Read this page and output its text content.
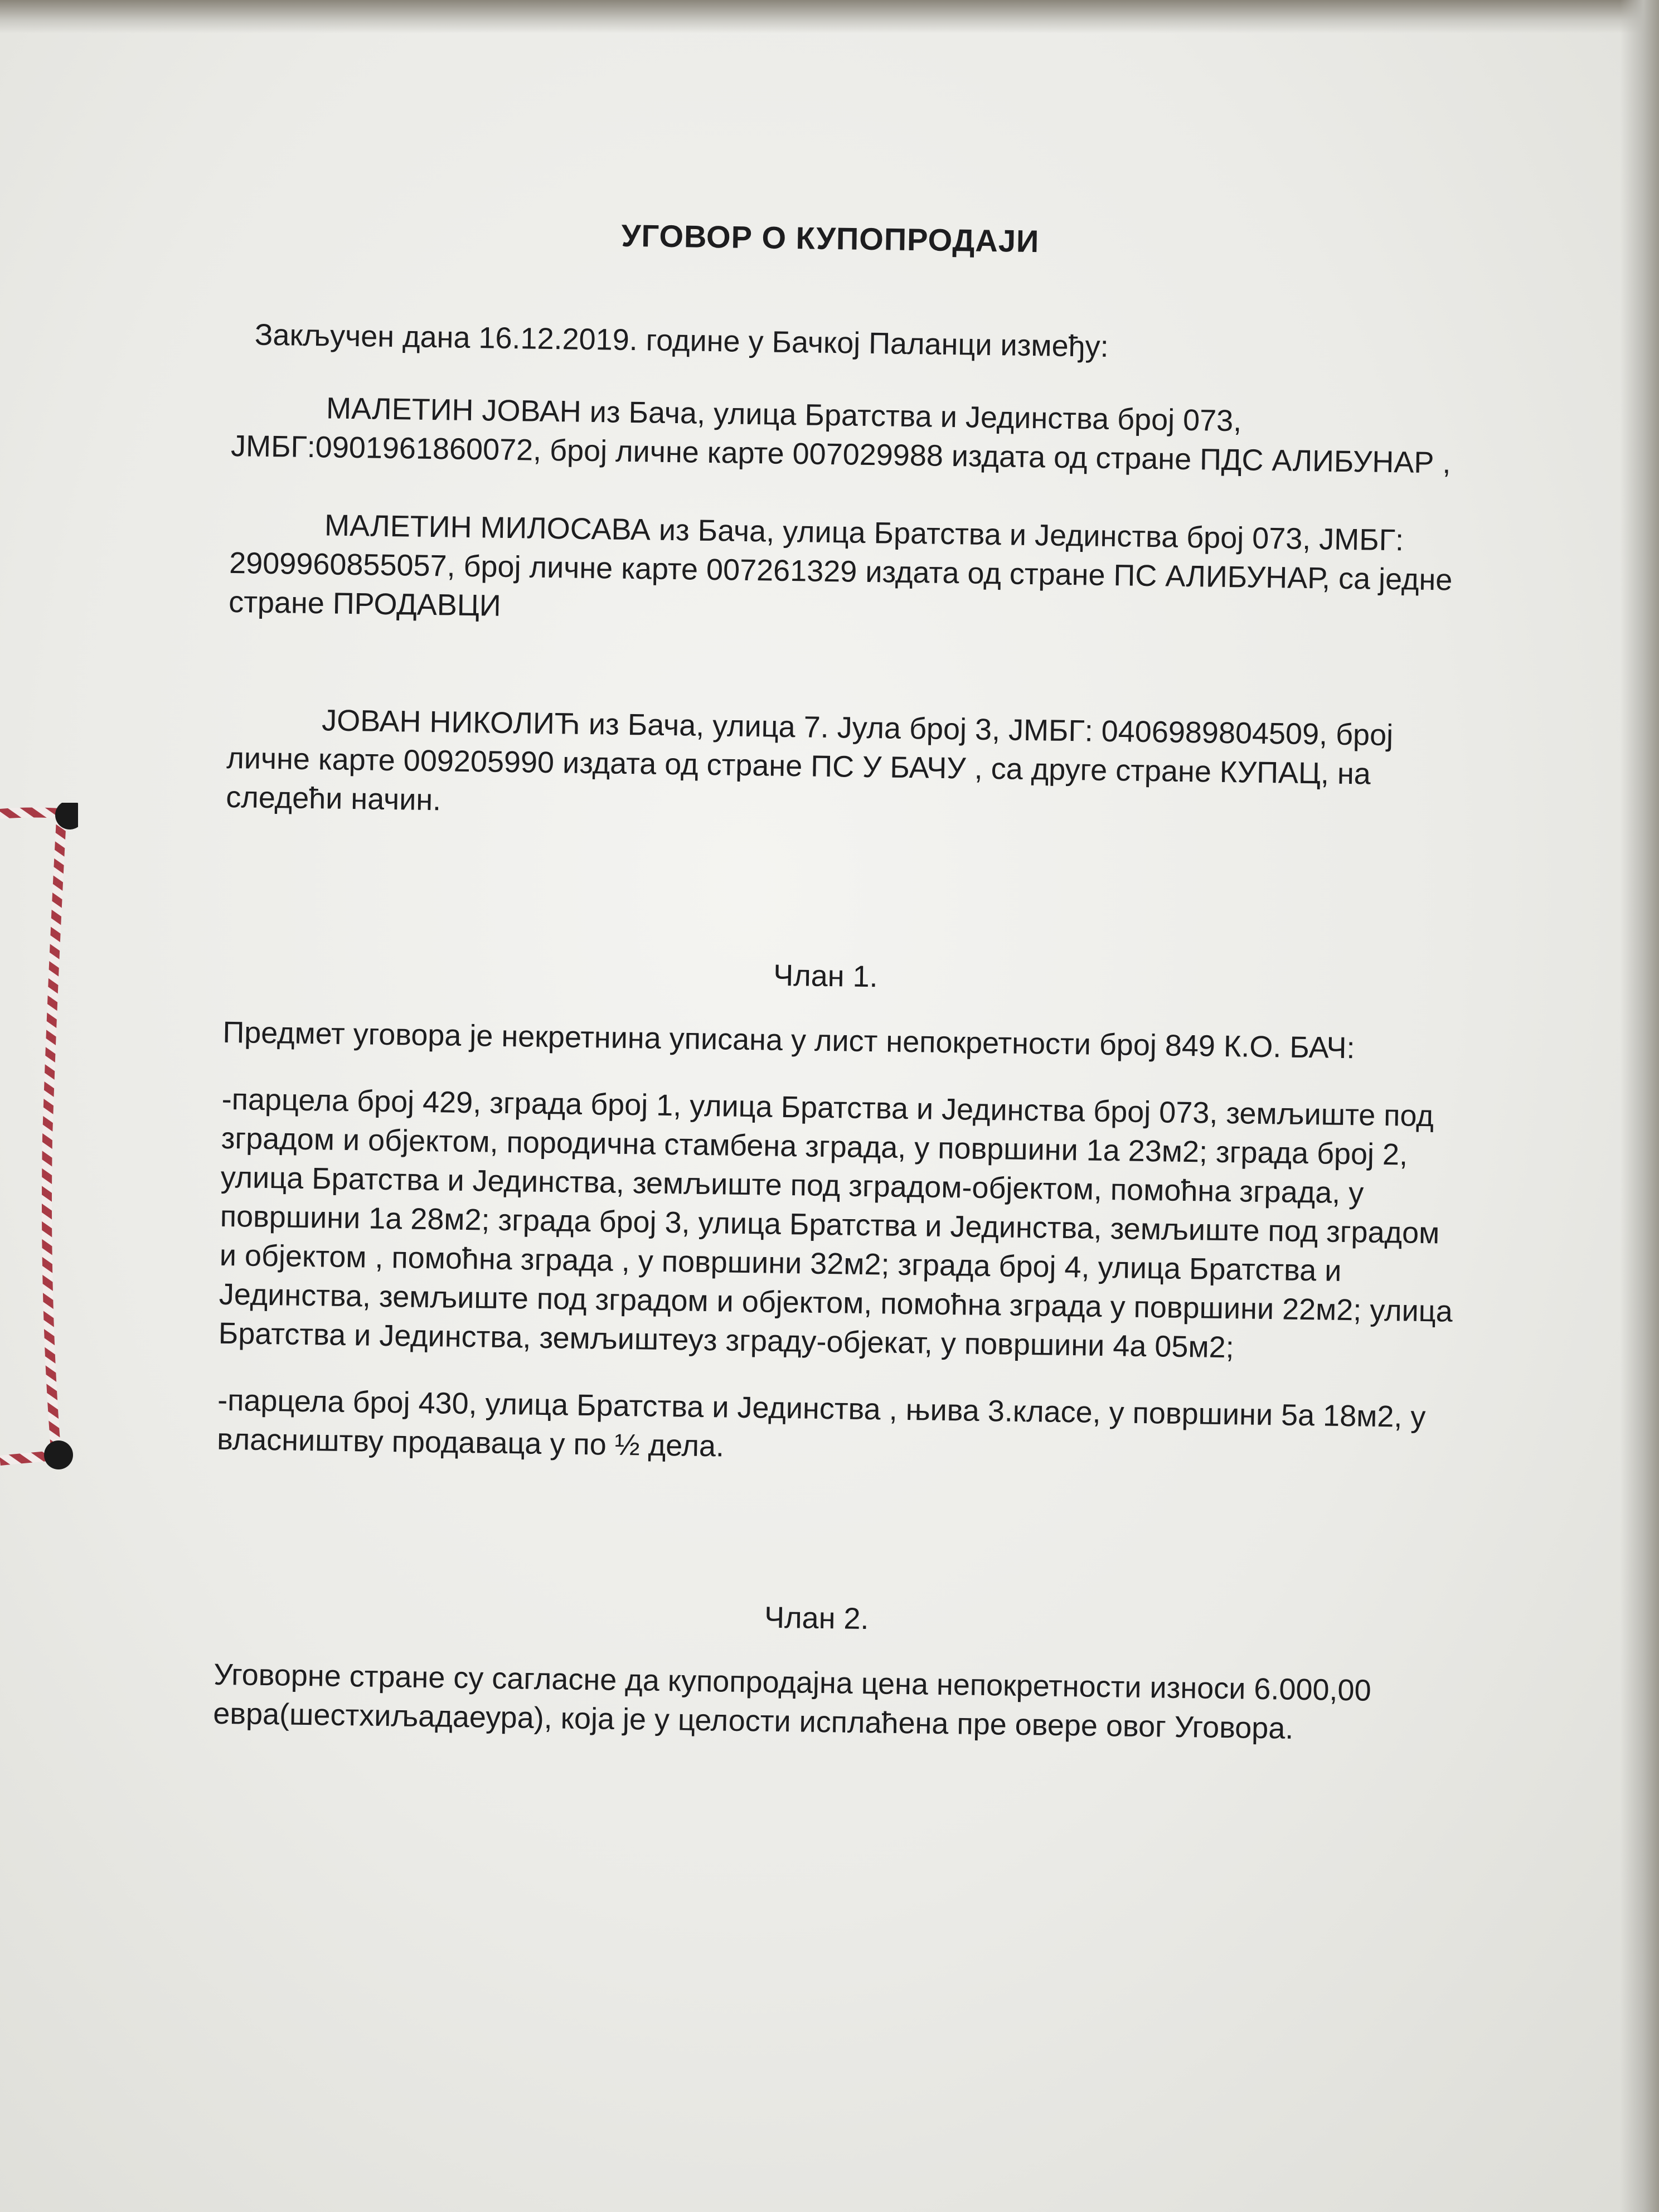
УГОВОР О КУПОПРОДАЈИ

Закључен дана 16.12.2019. године у Бачкој Паланци између:

МАЛЕТИН ЈОВАН из Бача, улица Братства и Јединства број 073, ЈМБГ:0901961860072, број личне карте 007029988 издата од стране ПДС АЛИБУНАР ,

МАЛЕТИН МИЛОСАВА из Бача, улица Братства и Јединства број 073, ЈМБГ: 2909960855057, број личне карте 007261329 издата од стране ПС АЛИБУНАР, са једне стране ПРОДАВЦИ

ЈОВАН НИКОЛИЋ из Бача, улица 7. Јула број 3, ЈМБГ: 0406989804509, број личне карте 009205990 издата од стране ПС У БАЧУ , са друге стране КУПАЦ, на следећи начин.

Члан 1.

Предмет уговора је некретнина уписана у лист непокретности број 849 К.О. БАЧ:

-парцела број 429, зграда број 1, улица Братства и Јединства број 073, земљиште под зградом и објектом, породична стамбена зграда, у површини 1а 23м2; зграда број 2, улица Братства и Јединства, земљиште под зградом-објектом, помоћна зграда, у површини 1а 28м2; зграда број 3, улица Братства и Јединства, земљиште под зградом и објектом , помоћна зграда , у површини 32м2; зграда број 4, улица Братства и Јединства, земљиште под зградом и објектом, помоћна зграда у површини 22м2; улица Братства и Јединства, земљиштеуз зграду-објекат, у површини 4а 05м2;

-парцела број 430, улица Братства и Јединства , њива 3.класе, у површини 5а 18м2, у власништву продаваца у по ½ дела.

Члан 2.

Уговорне стране су сагласне да купопродајна цена непокретности износи 6.000,00 евра(шестхиљадаеура), која је у целости исплаћена пре овере овог Уговора.
